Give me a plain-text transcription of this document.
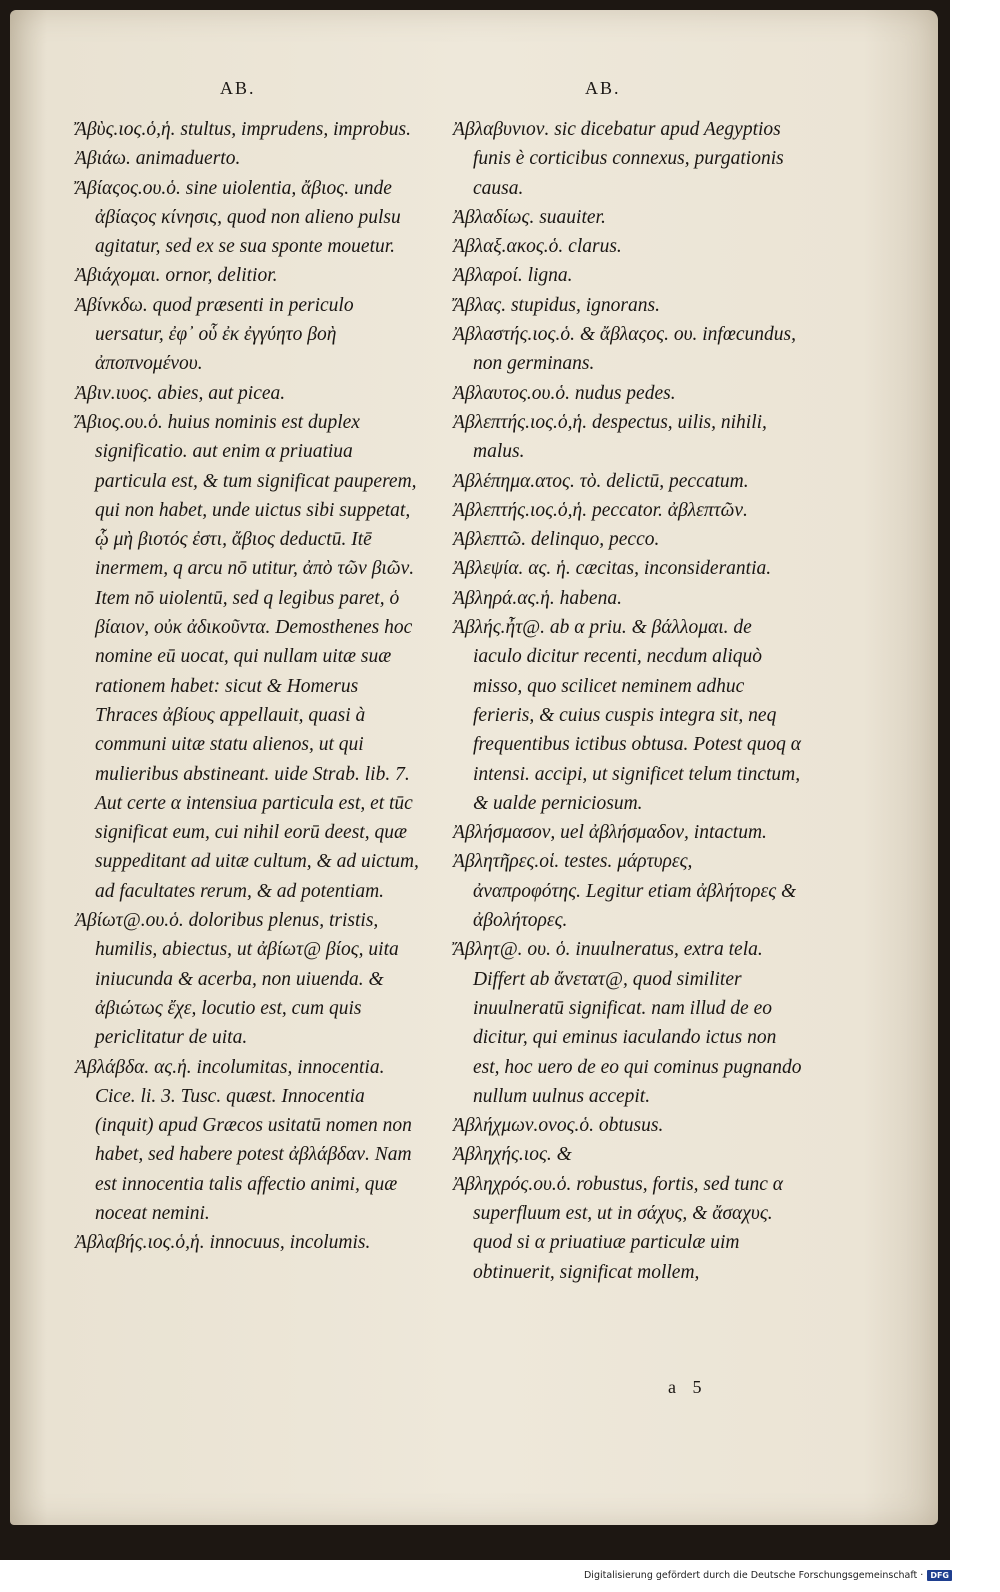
AB.	AB.

Ἄβὺς.ιος.ὁ,ἡ. stultus, imprudens, improbus.

Ἀβιάω. animaduerto.

Ἄβίαςος.ου.ὁ. sine uiolentia, ἄβιος. unde ἀβίαςος κίνησις, quod non alieno pulsu agitatur, sed ex se sua sponte mouetur.

Ἀβιάχομαι. ornor, delitior.

Ἀβίνκδω. quod præsenti in periculo uersatur, ἐφ᾽ οὗ ἐκ ἐγγύητο βοὴ ἀποπνομένου.

Ἀβιν.ιυος. abies, aut picea.

Ἄβιος.ου.ὁ. huius nominis est duplex significatio. aut enim α priuatiua particula est, & tum significat pauperem, qui non habet, unde uictus sibi suppetat, ᾧ μὴ βιοτός ἐστι, ἄβιος deductū. Itē inermem, q arcu nō utitur, ἀπὸ τῶν βιῶν. Item nō uiolentū, sed q legibus paret, ὁ βίαιον, οὐκ ἀδικοῦντα. Demosthenes hoc nomine eū uocat, qui nullam uitæ suæ rationem habet: sicut & Homerus Thraces ἀβίους appellauit, quasi à communi uitæ statu alienos, ut qui mulieribus abstineant. uide Strab. lib. 7. Aut certe α intensiua particula est, et tūc significat eum, cui nihil eorū deest, quæ suppeditant ad uitæ cultum, & ad uictum, ad facultates rerum, & ad potentiam.

Ἀβίωτ@.ου.ὁ. doloribus plenus, tristis, humilis, abiectus, ut ἀβίωτ@ βίος, uita iniucunda & acerba, non uiuenda. & ἀβιώτως ἔχε, locutio est, cum quis periclitatur de uita.

Ἀβλάβδα. ας.ἡ. incolumitas, innocentia. Cice. li. 3. Tusc. quæst. Innocentia (inquit) apud Græcos usitatū nomen non habet, sed habere potest ἀβλάβδαν. Nam est innocentia talis affectio animi, quæ noceat nemini.

Ἀβλαβής.ιος.ὁ,ἡ. innocuus, incolumis.

Ἀβλαβυνιον. sic dicebatur apud Aegyptios funis è corticibus connexus, purgationis causa.

Ἀβλαδίως. suauiter.

Ἀβλαξ.ακος.ὁ. clarus.

Ἀβλαροί. ligna.

Ἄβλας. stupidus, ignorans.

Ἀβλαστής.ιος.ὁ. & ἄβλαςος. ου. infœcundus, non germinans.

Ἀβλαυτος.ου.ὁ. nudus pedes.

Ἀβλεπτής.ιος.ὁ,ἡ. despectus, uilis, nihili, malus.

Ἀβλέπημα.ατος. τὸ. delictū, peccatum.

Ἀβλεπτής.ιος.ὁ,ἡ. peccator. ἀβλεπτῶν.

Ἀβλεπτῶ. delinquo, pecco.

Ἀβλεψία. ας. ἡ. cæcitas, inconsiderantia.

Ἀβληρά.ας.ἡ. habena.

Ἀβλής.ἦτ@. ab α priu. & βάλλομαι. de iaculo dicitur recenti, necdum aliquò misso, quo scilicet neminem adhuc ferieris, & cuius cuspis integra sit, neq frequentibus ictibus obtusa. Potest quoq α intensi. accipi, ut significet telum tinctum, & ualde perniciosum.

Ἀβλήσμασον, uel ἀβλήσμαδον, intactum.

Ἀβλητῆρες.οἱ. testes. μάρτυρες, ἀναπροφότης. Legitur etiam ἀβλήτορες & ἀβολήτορες.

Ἄβλητ@. ου. ὁ. inuulneratus, extra tela. Differt ab ἄνετατ@, quod similiter inuulneratū significat. nam illud de eo dicitur, qui eminus iaculando ictus non est, hoc uero de eo qui cominus pugnando nullum uulnus accepit.

Ἀβλήχμων.ονος.ὁ. obtusus.

Ἀβληχής.ιος. &

Ἀβληχρός.ου.ὁ. robustus, fortis, sed tunc α superfluum est, ut in σάχυς, & ἄσαχυς. quod si α priuatiuæ particulæ uim obtinuerit, significat mollem,

a 5
Digitalisierung gefördert durch die Deutsche Forschungsgemeinschaft · DFG
